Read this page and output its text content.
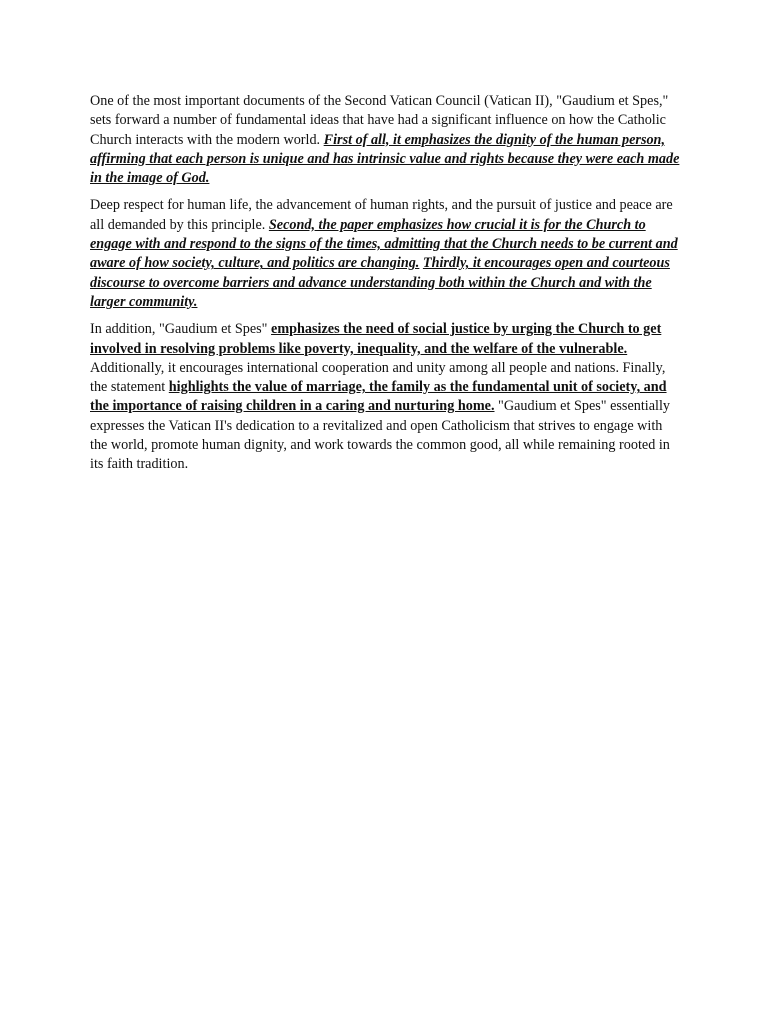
One of the most important documents of the Second Vatican Council (Vatican II), "Gaudium et Spes," sets forward a number of fundamental ideas that have had a significant influence on how the Catholic Church interacts with the modern world. First of all, it emphasizes the dignity of the human person, affirming that each person is unique and has intrinsic value and rights because they were each made in the image of God.

Deep respect for human life, the advancement of human rights, and the pursuit of justice and peace are all demanded by this principle. Second, the paper emphasizes how crucial it is for the Church to engage with and respond to the signs of the times, admitting that the Church needs to be current and aware of how society, culture, and politics are changing. Thirdly, it encourages open and courteous discourse to overcome barriers and advance understanding both within the Church and with the larger community.

In addition, "Gaudium et Spes" emphasizes the need of social justice by urging the Church to get involved in resolving problems like poverty, inequality, and the welfare of the vulnerable. Additionally, it encourages international cooperation and unity among all people and nations. Finally, the statement highlights the value of marriage, the family as the fundamental unit of society, and the importance of raising children in a caring and nurturing home. "Gaudium et Spes" essentially expresses the Vatican II's dedication to a revitalized and open Catholicism that strives to engage with the world, promote human dignity, and work towards the common good, all while remaining rooted in its faith tradition.
